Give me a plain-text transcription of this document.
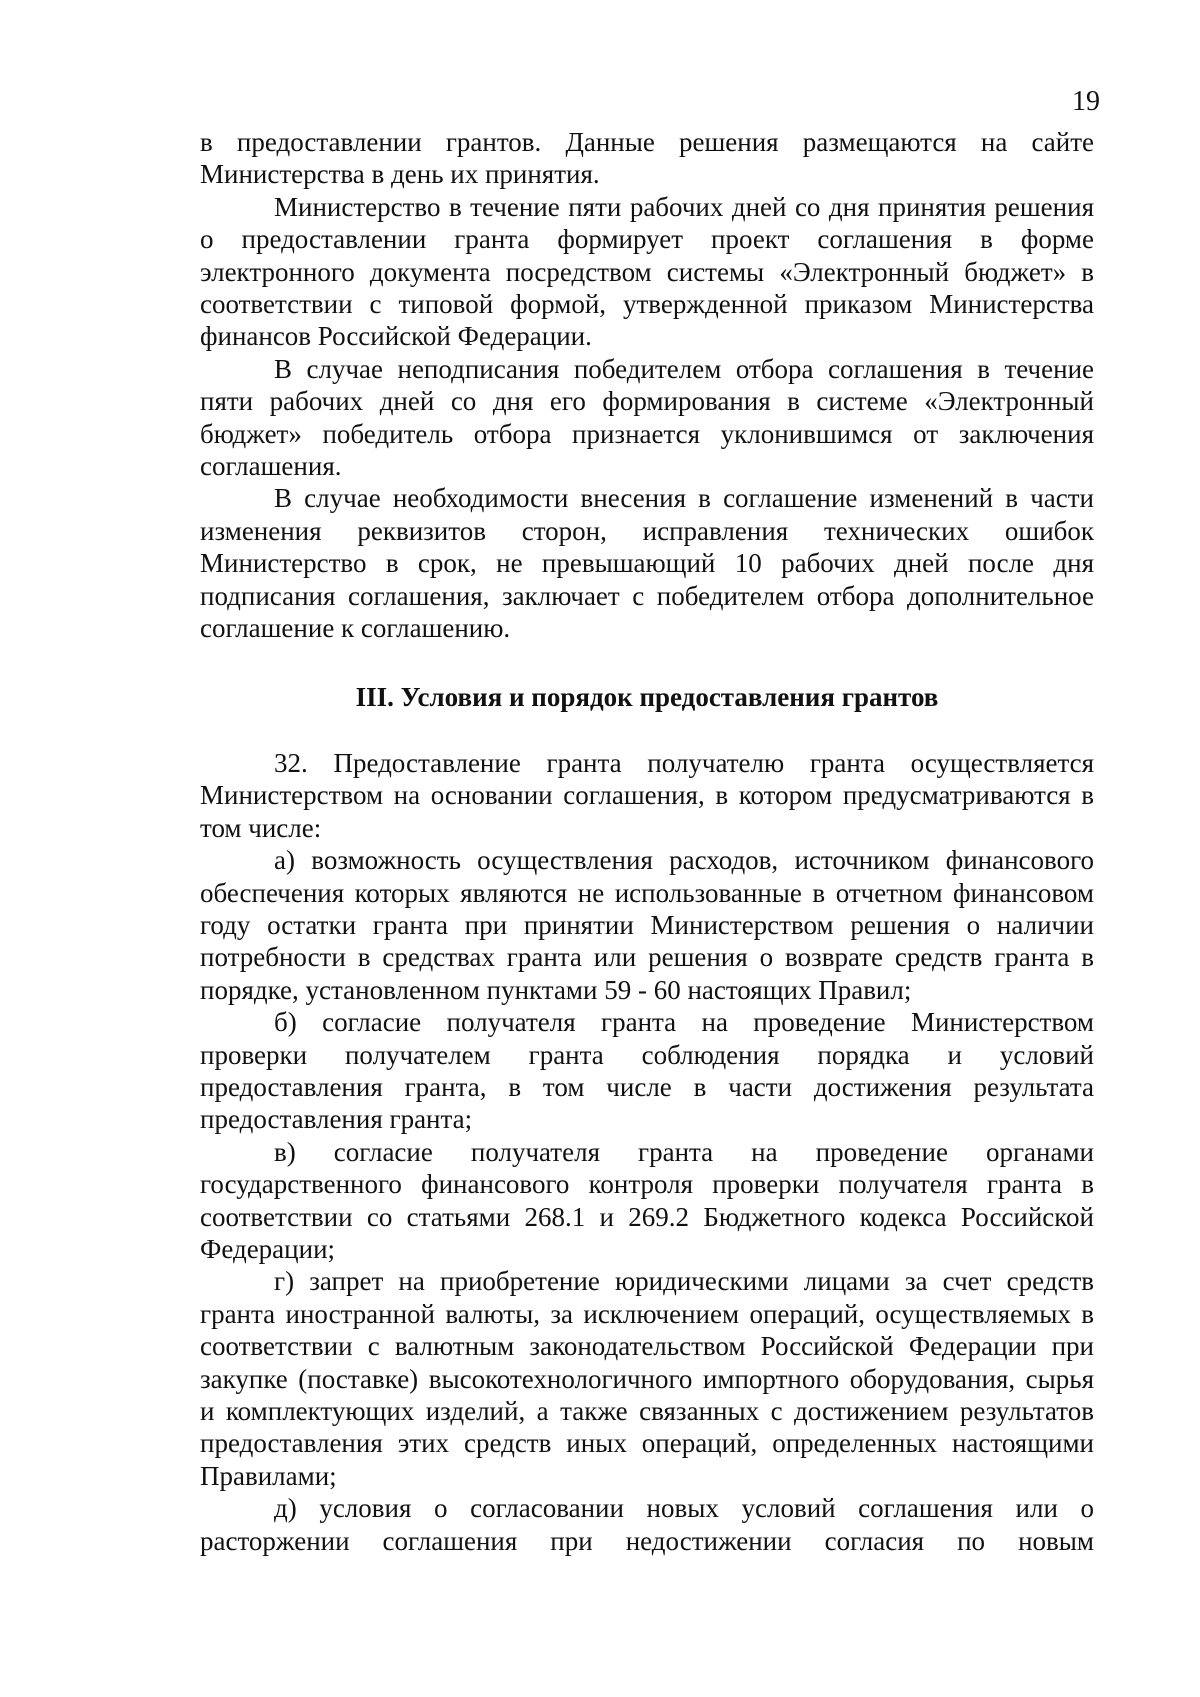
19

в предоставлении грантов. Данные решения размещаются на сайте Министерства в день их принятия.

Министерство в течение пяти рабочих дней со дня принятия решения о предоставлении гранта формирует проект соглашения в форме электронного документа посредством системы «Электронный бюджет» в соответствии с типовой формой, утвержденной приказом Министерства финансов Российской Федерации.

В случае неподписания победителем отбора соглашения в течение пяти рабочих дней со дня его формирования в системе «Электронный бюджет» победитель отбора признается уклонившимся от заключения соглашения.

В случае необходимости внесения в соглашение изменений в части изменения реквизитов сторон, исправления технических ошибок Министерство в срок, не превышающий 10 рабочих дней после дня подписания соглашения, заключает с победителем отбора дополнительное соглашение к соглашению.

III. Условия и порядок предоставления грантов

32. Предоставление гранта получателю гранта осуществляется Министерством на основании соглашения, в котором предусматриваются в том числе:

а) возможность осуществления расходов, источником финансового обеспечения которых являются не использованные в отчетном финансовом году остатки гранта при принятии Министерством решения о наличии потребности в средствах гранта или решения о возврате средств гранта в порядке, установленном пунктами 59 - 60 настоящих Правил;

б) согласие получателя гранта на проведение Министерством проверки получателем гранта соблюдения порядка и условий предоставления гранта, в том числе в части достижения результата предоставления гранта;

в) согласие получателя гранта на проведение органами государственного финансового контроля проверки получателя гранта в соответствии со статьями 268.1 и 269.2 Бюджетного кодекса Российской Федерации;

г) запрет на приобретение юридическими лицами за счет средств гранта иностранной валюты, за исключением операций, осуществляемых в соответствии с валютным законодательством Российской Федерации при закупке (поставке) высокотехнологичного импортного оборудования, сырья и комплектующих изделий, а также связанных с достижением результатов предоставления этих средств иных операций, определенных настоящими Правилами;

д) условия о согласовании новых условий соглашения или о расторжении соглашения при недостижении согласия по новым
